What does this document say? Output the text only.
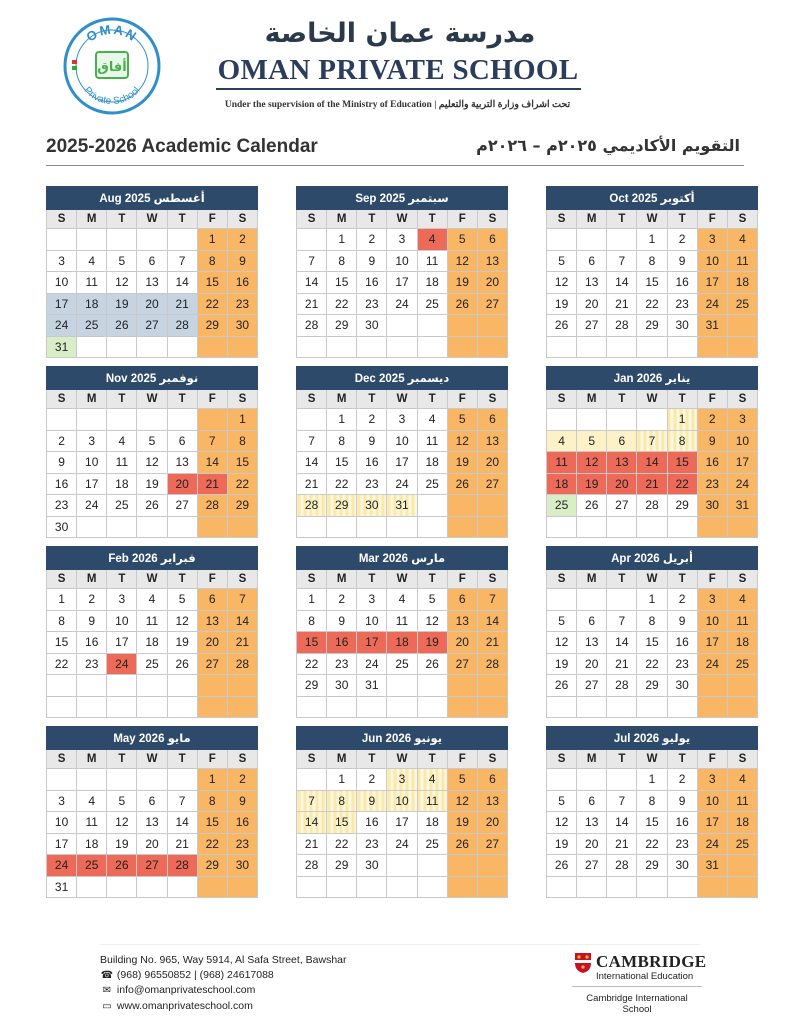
OMAN
Private School
أفاق
مدرسة عمان الخاصة
OMAN PRIVATE SCHOOL
Under the supervision of the Ministry of Education | تحت اشراف وزارة التربية والتعليم
2025-2026 Academic Calendar	التقويم الأكاديمي ٢٠٢٥م – ٢٠٢٦م
Aug 2025 أغسطس						
S	M	T	W	T	F	S
					1	2
3	4	5	6	7	8	9
10	11	12	13	14	15	16
17	18	19	20	21	22	23
24	25	26	27	28	29	30
31						
Sep 2025 سبتمبر						
S	M	T	W	T	F	S
	1	2	3	4	5	6
7	8	9	10	11	12	13
14	15	16	17	18	19	20
21	22	23	24	25	26	27
28	29	30				

Oct 2025 أكتوبر						
S	M	T	W	T	F	S
			1	2	3	4
5	6	7	8	9	10	11
12	13	14	15	16	17	18
19	20	21	22	23	24	25
26	27	28	29	30	31	

Nov 2025 نوفمبر						
S	M	T	W	T	F	S
						1
2	3	4	5	6	7	8
9	10	11	12	13	14	15
16	17	18	19	20	21	22
23	24	25	26	27	28	29
30						
Dec 2025 ديسمبر						
S	M	T	W	T	F	S
	1	2	3	4	5	6
7	8	9	10	11	12	13
14	15	16	17	18	19	20
21	22	23	24	25	26	27
28	29	30	31			

Jan 2026 يناير						
S	M	T	W	T	F	S
				1	2	3
4	5	6	7	8	9	10
11	12	13	14	15	16	17
18	19	20	21	22	23	24
25	26	27	28	29	30	31

Feb 2026 فبراير						
S	M	T	W	T	F	S
1	2	3	4	5	6	7
8	9	10	11	12	13	14
15	16	17	18	19	20	21
22	23	24	25	26	27	28

Mar 2026 مارس						
S	M	T	W	T	F	S
1	2	3	4	5	6	7
8	9	10	11	12	13	14
15	16	17	18	19	20	21
22	23	24	25	26	27	28
29	30	31				

Apr 2026 أبريل						
S	M	T	W	T	F	S
			1	2	3	4
5	6	7	8	9	10	11
12	13	14	15	16	17	18
19	20	21	22	23	24	25
26	27	28	29	30		

May 2026 مايو						
S	M	T	W	T	F	S
					1	2
3	4	5	6	7	8	9
10	11	12	13	14	15	16
17	18	19	20	21	22	23
24	25	26	27	28	29	30
31						
Jun 2026 يونيو						
S	M	T	W	T	F	S
	1	2	3	4	5	6
7	8	9	10	11	12	13
14	15	16	17	18	19	20
21	22	23	24	25	26	27
28	29	30				

Jul 2026 يوليو						
S	M	T	W	T	F	S
			1	2	3	4
5	6	7	8	9	10	11
12	13	14	15	16	17	18
19	20	21	22	23	24	25
26	27	28	29	30	31	

Building No. 965, Way 5914, Al Safa Street, Bawshar
☎ (968) 96550852 | (968) 24617088
✉ info@omanprivateschool.com
▭ www.omanprivateschool.com
CAMBRIDGE
International Education
Cambridge International School
